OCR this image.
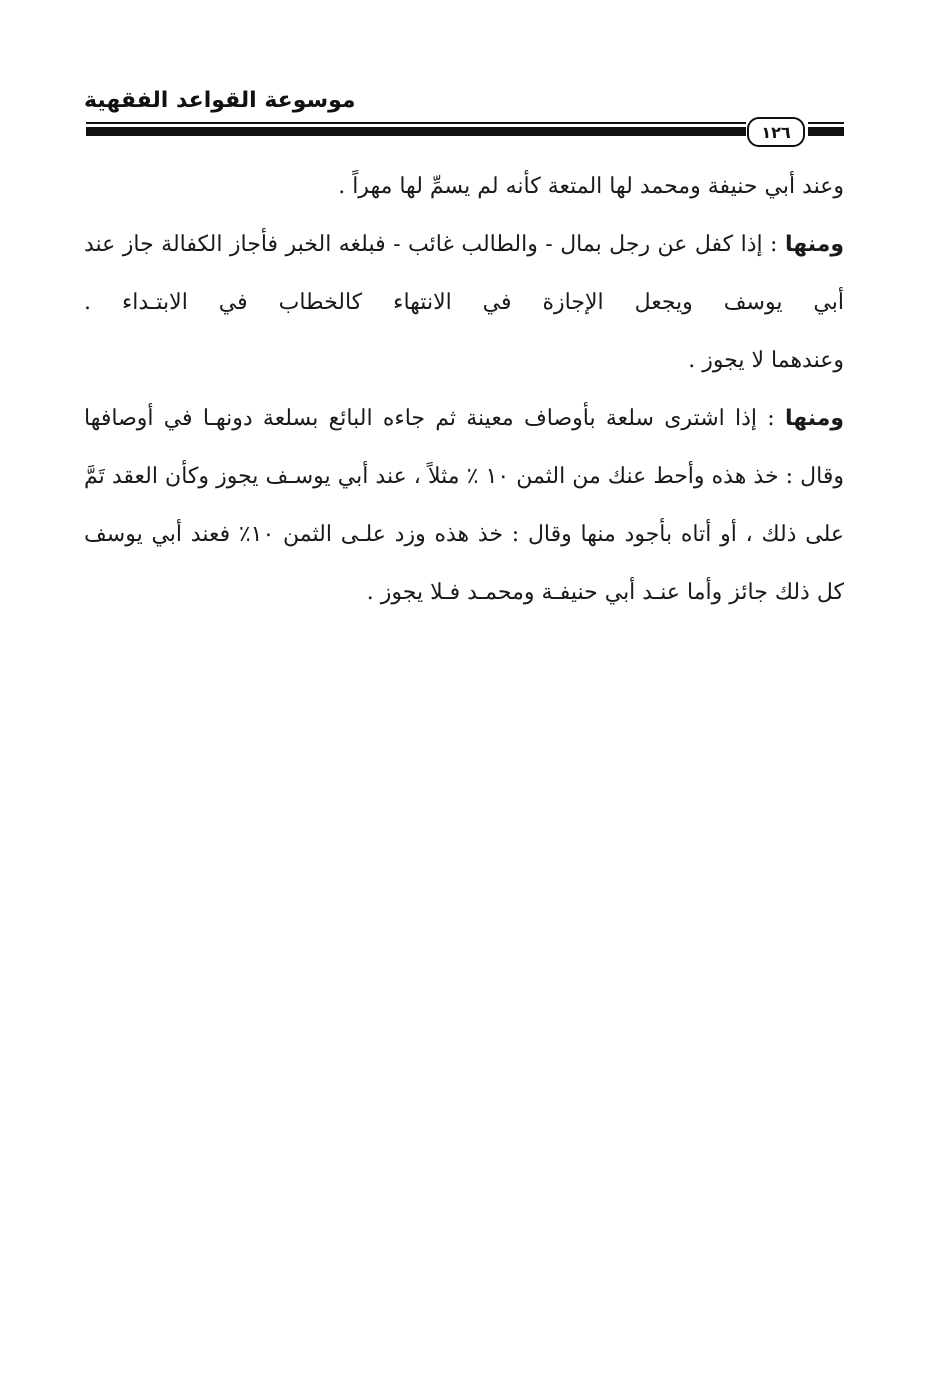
موسوعة القواعد الفقهية
١٢٦

وعند أبي حنيفة ومحمد لها المتعة كأنه لم يسمِّ لها مهراً .

ومنها : إذا كفل عن رجل بمال - والطالب غائب - فبلغه الخبر فأجاز الكفالة جاز عند أبي يوسف ويجعل الإجازة في الانتهاء كالخطاب في الابتـداء .

وعندهما لا يجوز .

ومنها : إذا اشترى سلعة بأوصاف معينة ثم جاءه البائع بسلعة دونهـا في أوصافها وقال : خذ هذه وأحط عنك من الثمن ١٠ ٪ مثلاً ، عند أبي يوسـف يجوز وكأن العقد تَمَّ على ذلك ، أو أتاه بأجود منها وقال : خذ هذه وزد علـى الثمن ١٠٪ فعند أبي يوسف كل ذلك جائز وأما عنـد أبي حنيفـة ومحمـد فـلا يجوز .
